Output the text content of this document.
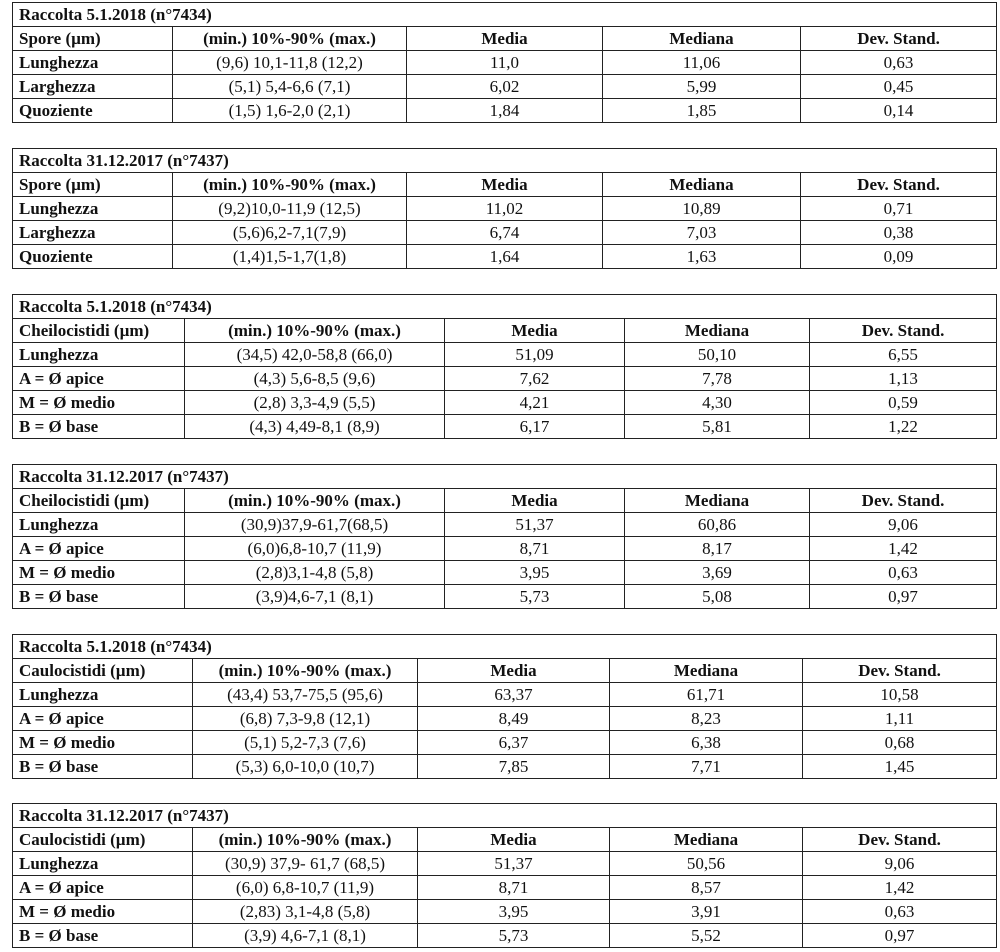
Raccolta 5.1.2018 (n°7434)				
Spore (µm)	(min.) 10%-90% (max.)	Media	Mediana	Dev. Stand.
Lunghezza	(9,6) 10,1-11,8 (12,2)	11,0	11,06	0,63
Larghezza	(5,1) 5,4-6,6 (7,1)	6,02	5,99	0,45
Quoziente	(1,5) 1,6-2,0 (2,1)	1,84	1,85	0,14
Raccolta 31.12.2017 (n°7437)				
Spore (µm)	(min.) 10%-90% (max.)	Media	Mediana	Dev. Stand.
Lunghezza	(9,2)10,0-11,9 (12,5)	11,02	10,89	0,71
Larghezza	(5,6)6,2-7,1(7,9)	6,74	7,03	0,38
Quoziente	(1,4)1,5-1,7(1,8)	1,64	1,63	0,09
Raccolta 5.1.2018 (n°7434)				
Cheilocistidi (µm)	(min.) 10%-90% (max.)	Media	Mediana	Dev. Stand.
Lunghezza	(34,5) 42,0-58,8 (66,0)	51,09	50,10	6,55
A = Ø apice	(4,3) 5,6-8,5 (9,6)	7,62	7,78	1,13
M = Ø medio	(2,8) 3,3-4,9 (5,5)	4,21	4,30	0,59
B = Ø base	(4,3) 4,49-8,1 (8,9)	6,17	5,81	1,22
Raccolta 31.12.2017 (n°7437)				
Cheilocistidi (µm)	(min.) 10%-90% (max.)	Media	Mediana	Dev. Stand.
Lunghezza	(30,9)37,9-61,7(68,5)	51,37	60,86	9,06
A = Ø apice	(6,0)6,8-10,7 (11,9)	8,71	8,17	1,42
M = Ø medio	(2,8)3,1-4,8 (5,8)	3,95	3,69	0,63
B = Ø base	(3,9)4,6-7,1 (8,1)	5,73	5,08	0,97
Raccolta 5.1.2018 (n°7434)				
Caulocistidi (µm)	(min.) 10%-90% (max.)	Media	Mediana	Dev. Stand.
Lunghezza	(43,4) 53,7-75,5 (95,6)	63,37	61,71	10,58
A = Ø apice	(6,8) 7,3-9,8 (12,1)	8,49	8,23	1,11
M = Ø medio	(5,1) 5,2-7,3 (7,6)	6,37	6,38	0,68
B = Ø base	(5,3) 6,0-10,0 (10,7)	7,85	7,71	1,45
Raccolta 31.12.2017 (n°7437)				
Caulocistidi (µm)	(min.) 10%-90% (max.)	Media	Mediana	Dev. Stand.
Lunghezza	(30,9) 37,9- 61,7 (68,5)	51,37	50,56	9,06
A = Ø apice	(6,0) 6,8-10,7 (11,9)	8,71	8,57	1,42
M = Ø medio	(2,83) 3,1-4,8 (5,8)	3,95	3,91	0,63
B = Ø base	(3,9) 4,6-7,1 (8,1)	5,73	5,52	0,97
